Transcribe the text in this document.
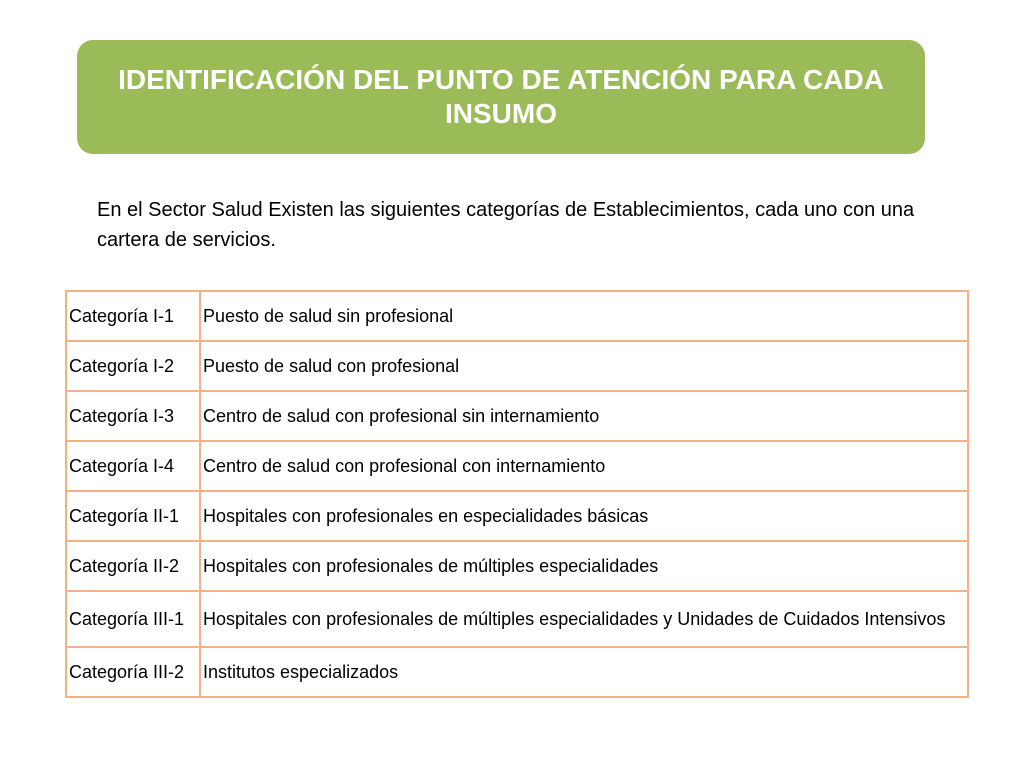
IDENTIFICACIÓN DEL PUNTO DE ATENCIÓN PARA CADA INSUMO
En el Sector Salud Existen las siguientes categorías de Establecimientos, cada uno con una cartera de servicios.
Categoría I-1	Puesto de salud sin profesional
Categoría I-2	Puesto de salud con profesional
Categoría I-3	Centro de salud con profesional sin internamiento
Categoría I-4	Centro de salud con profesional con internamiento
Categoría II-1	Hospitales con profesionales en especialidades básicas
Categoría II-2	Hospitales con profesionales de múltiples especialidades
Categoría III-1	Hospitales con profesionales de múltiples especialidades y Unidades de Cuidados Intensivos
Categoría III-2	Institutos especializados
